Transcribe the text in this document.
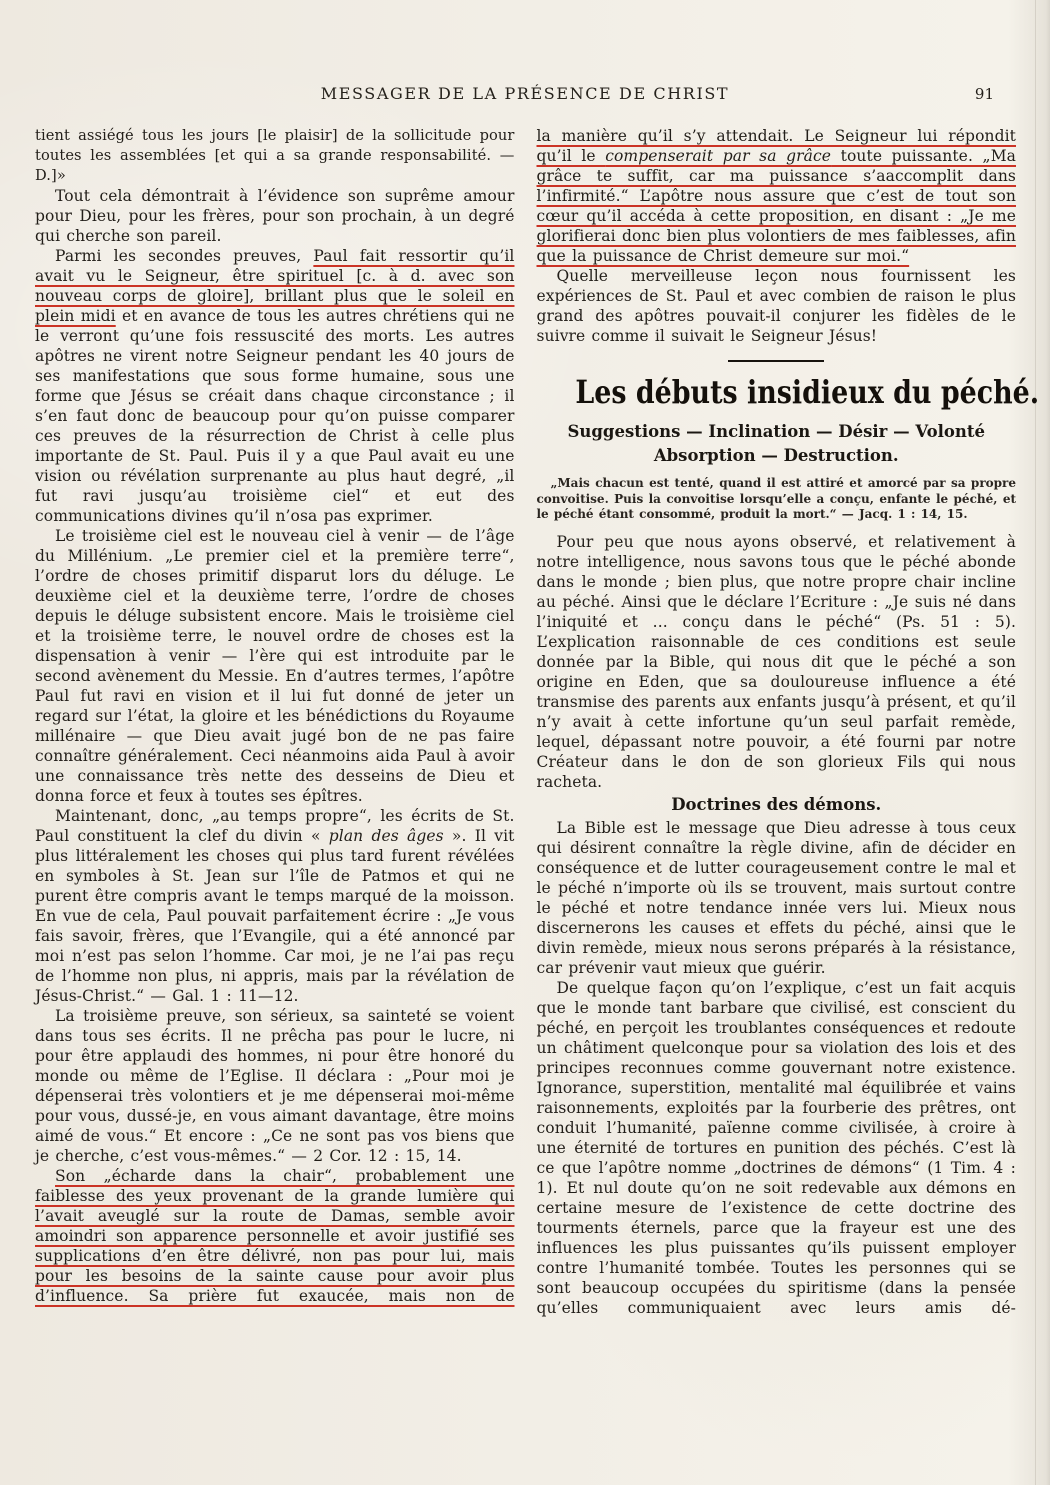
MESSAGER DE LA PRÉSENCE DE CHRIST	91

tient assiégé tous les jours [le plaisir] de la sollicitude pour toutes les assemblées [et qui a sa grande responsabilité. — D.]»

Tout cela démontrait à l’évidence son suprême amour pour Dieu, pour les frères, pour son prochain, à un degré qui cherche son pareil.

Parmi les secondes preuves, Paul fait ressortir qu’il avait vu le Seigneur, être spirituel [c. à d. avec son nouveau corps de gloire], brillant plus que le soleil en plein midi et en avance de tous les autres chrétiens qui ne le verront qu’une fois ressuscité des morts. Les autres apôtres ne virent notre Seigneur pendant les 40 jours de ses manifestations que sous forme humaine, sous une forme que Jésus se créait dans chaque circonstance ; il s’en faut donc de beaucoup pour qu’on puisse comparer ces preuves de la résurrection de Christ à celle plus importante de St. Paul. Puis il y a que Paul avait eu une vision ou révélation surprenante au plus haut degré, „il fut ravi jusqu’au troisième ciel“ et eut des communications divines qu’il n’osa pas exprimer.

Le troisième ciel est le nouveau ciel à venir — de l’âge du Millénium. „Le premier ciel et la première terre“, l’ordre de choses primitif disparut lors du déluge. Le deuxième ciel et la deuxième terre, l’ordre de choses depuis le déluge subsistent encore. Mais le troisième ciel et la troisième terre, le nouvel ordre de choses est la dispensation à venir — l’ère qui est introduite par le second avènement du Messie. En d’autres termes, l’apôtre Paul fut ravi en vision et il lui fut donné de jeter un regard sur l’état, la gloire et les bénédictions du Royaume millénaire — que Dieu avait jugé bon de ne pas faire connaître généralement. Ceci néanmoins aida Paul à avoir une connaissance très nette des desseins de Dieu et donna force et feux à toutes ses épîtres.

Maintenant, donc, „au temps propre“, les écrits de St. Paul constituent la clef du divin « plan des âges ». Il vit plus littéralement les choses qui plus tard furent révélées en symboles à St. Jean sur l’île de Patmos et qui ne purent être compris avant le temps marqué de la moisson. En vue de cela, Paul pouvait parfaitement écrire : „Je vous fais savoir, frères, que l’Evangile, qui a été annoncé par moi n’est pas selon l’homme. Car moi, je ne l’ai pas reçu de l’homme non plus, ni appris, mais par la révélation de Jésus-Christ.“ — Gal. 1 : 11—12.

La troisième preuve, son sérieux, sa sainteté se voient dans tous ses écrits. Il ne prêcha pas pour le lucre, ni pour être applaudi des hommes, ni pour être honoré du monde ou même de l’Eglise. Il déclara : „Pour moi je dépenserai très volontiers et je me dépenserai moi-même pour vous, dussé-je, en vous aimant davantage, être moins aimé de vous.“ Et encore : „Ce ne sont pas vos biens que je cherche, c’est vous-mêmes.“ — 2 Cor. 12 : 15, 14.

Son „écharde dans la chair“, probablement une faiblesse des yeux provenant de la grande lumière qui l’avait aveuglé sur la route de Damas, semble avoir amoindri son apparence personnelle et avoir justifié ses supplications d’en être délivré, non pas pour lui, mais pour les besoins de la sainte cause pour avoir plus d’influence. Sa prière fut exaucée, mais non de

la manière qu’il s’y attendait. Le Seigneur lui répondit qu’il le compenserait par sa grâce toute puissante. „Ma grâce te suffit, car ma puissance s’aaccomplit dans l’infirmité.“ L’apôtre nous assure que c’est de tout son cœur qu’il accéda à cette proposition, en disant : „Je me glorifierai donc bien plus volontiers de mes faiblesses, afin que la puissance de Christ demeure sur moi.“

Quelle merveilleuse leçon nous fournissent les expériences de St. Paul et avec combien de raison le plus grand des apôtres pouvait-il conjurer les fidèles de le suivre comme il suivait le Seigneur Jésus!

Les débuts insidieux du péché.
Suggestions — Inclination — Désir — Volonté
Absorption — Destruction.

„Mais chacun est tenté, quand il est attiré et amorcé par sa propre convoitise. Puis la convoitise lorsqu’elle a conçu, enfante le péché, et le péché étant consommé, produit la mort.“ — Jacq. 1 : 14, 15.

Pour peu que nous ayons observé, et relativement à notre intelligence, nous savons tous que le péché abonde dans le monde ; bien plus, que notre propre chair incline au péché. Ainsi que le déclare l’Ecriture : „Je suis né dans l’iniquité et ... conçu dans le péché“ (Ps. 51 : 5). L’explication raisonnable de ces conditions est seule donnée par la Bible, qui nous dit que le péché a son origine en Eden, que sa douloureuse influence a été transmise des parents aux enfants jusqu’à présent, et qu’il n’y avait à cette infortune qu’un seul parfait remède, lequel, dépassant notre pouvoir, a été fourni par notre Créateur dans le don de son glorieux Fils qui nous racheta.

Doctrines des démons.

La Bible est le message que Dieu adresse à tous ceux qui désirent connaître la règle divine, afin de décider en conséquence et de lutter courageusement contre le mal et le péché n’importe où ils se trouvent, mais surtout contre le péché et notre tendance innée vers lui. Mieux nous discernerons les causes et effets du péché, ainsi que le divin remède, mieux nous serons préparés à la résistance, car prévenir vaut mieux que guérir.

De quelque façon qu’on l’explique, c’est un fait acquis que le monde tant barbare que civilisé, est conscient du péché, en perçoit les troublantes conséquences et redoute un châtiment quelconque pour sa violation des lois et des principes reconnues comme gouvernant notre existence. Ignorance, superstition, mentalité mal équilibrée et vains raisonnements, exploités par la fourberie des prêtres, ont conduit l’humanité, païenne comme civilisée, à croire à une éternité de tortures en punition des péchés. C’est là ce que l’apôtre nomme „doctrines de démons“ (1 Tim. 4 : 1). Et nul doute qu’on ne soit redevable aux démons en certaine mesure de l’existence de cette doctrine des tourments éternels, parce que la frayeur est une des influences les plus puissantes qu’ils puissent employer contre l’humanité tombée. Toutes les personnes qui se sont beaucoup occupées du spiritisme (dans la pensée qu’elles communiquaient avec leurs amis dé-
